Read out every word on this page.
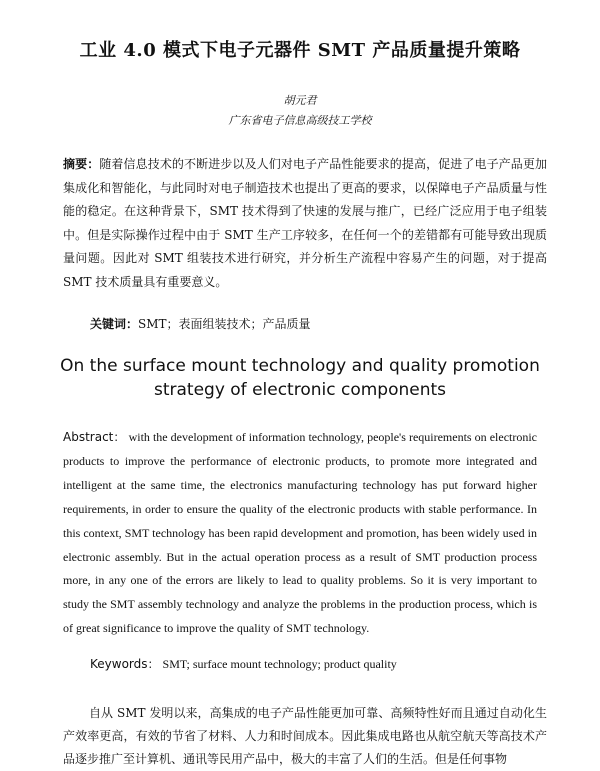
工业 4.0 模式下电子元器件 SMT 产品质量提升策略
胡元君
广东省电子信息高级技工学校

摘要：随着信息技术的不断进步以及人们对电子产品性能要求的提高，促进了电子产品更加集成化和智能化，与此同时对电子制造技术也提出了更高的要求，以保障电子产品质量与性能的稳定。在这种背景下，SMT 技术得到了快速的发展与推广，已经广泛应用于电子组装中。但是实际操作过程中由于 SMT 生产工序较多，在任何一个的差错都有可能导致出现质量问题。因此对 SMT 组装技术进行研究，并分析生产流程中容易产生的问题，对于提高 SMT 技术质量具有重要意义。

关键词：SMT；表面组装技术；产品质量

On the surface mount technology and quality promotion
strategy of electronic components

Abstract： with the development of information technology, people's requirements on electronic products to improve the performance of electronic products, to promote more integrated and intelligent at the same time, the electronics manufacturing technology has put forward higher requirements, in order to ensure the quality of the electronic products with stable performance. In this context, SMT technology has been rapid development and promotion, has been widely used in electronic assembly. But in the actual operation process as a result of SMT production process more, in any one of the errors are likely to lead to quality problems. So it is very important to study the SMT assembly technology and analyze the problems in the production process, which is of great significance to improve the quality of SMT technology.

Keywords： SMT; surface mount technology; product quality

自从 SMT 发明以来，高集成的电子产品性能更加可靠、高频特性好而且通过自动化生产效率更高，有效的节省了材料、人力和时间成本。因此集成电路也从航空航天等高技术产品逐步推广至计算机、通讯等民用产品中，极大的丰富了人们的生活。但是任何事物
